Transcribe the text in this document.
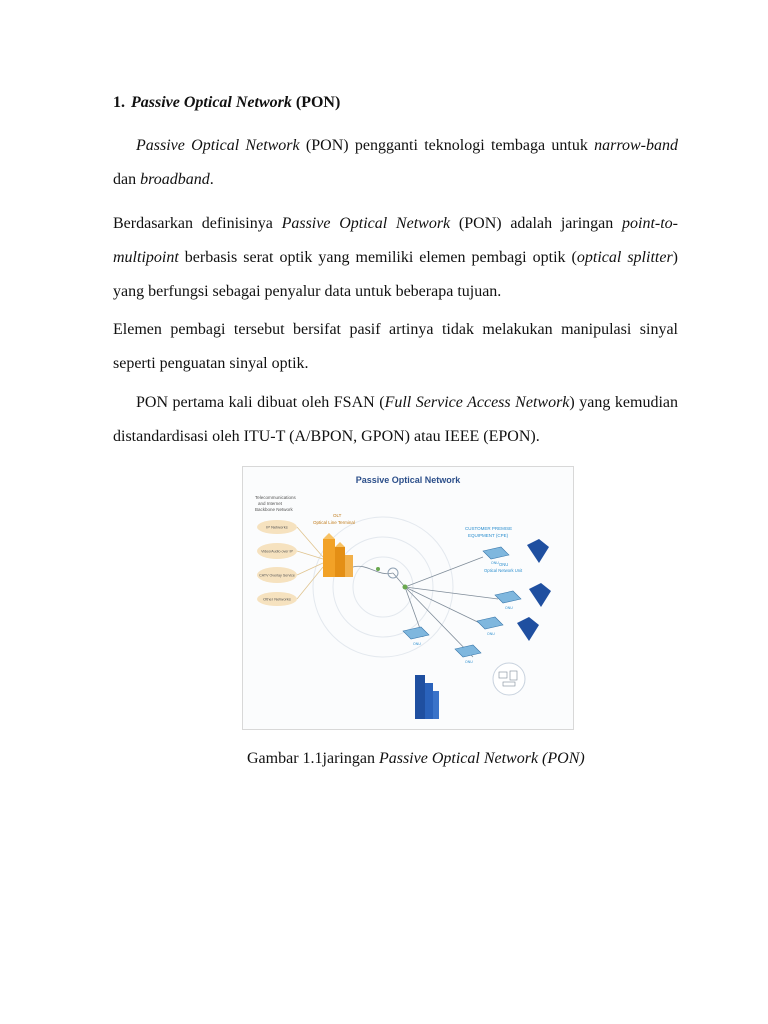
1. Passive Optical Network (PON)

Passive Optical Network (PON) pengganti teknologi tembaga untuk narrow-band dan broadband.

Berdasarkan definisinya Passive Optical Network (PON) adalah jaringan point-to-multipoint berbasis serat optik yang memiliki elemen pembagi optik (optical splitter) yang berfungsi sebagai penyalur data untuk beberapa tujuan.

Elemen pembagi tersebut bersifat pasif artinya tidak melakukan manipulasi sinyal seperti penguatan sinyal optik.

PON pertama kali dibuat oleh FSAN (Full Service Access Network) yang kemudian distandardisasi oleh ITU-T (A/BPON, GPON) atau IEEE (EPON).

Passive Optical Network
Telecommunications and Internet Backbone Network
IP Networks
Video/Audio over IP
CATV Overlay Service
Other Networks
OLT Optical Line Terminal
CUSTOMER PREMISE EQUIPMENT (CPE)
ONU Optical Network Unit
ONU
ONU
ONU
ONU
ONU
Gambar 1.1jaringan Passive Optical Network (PON)
